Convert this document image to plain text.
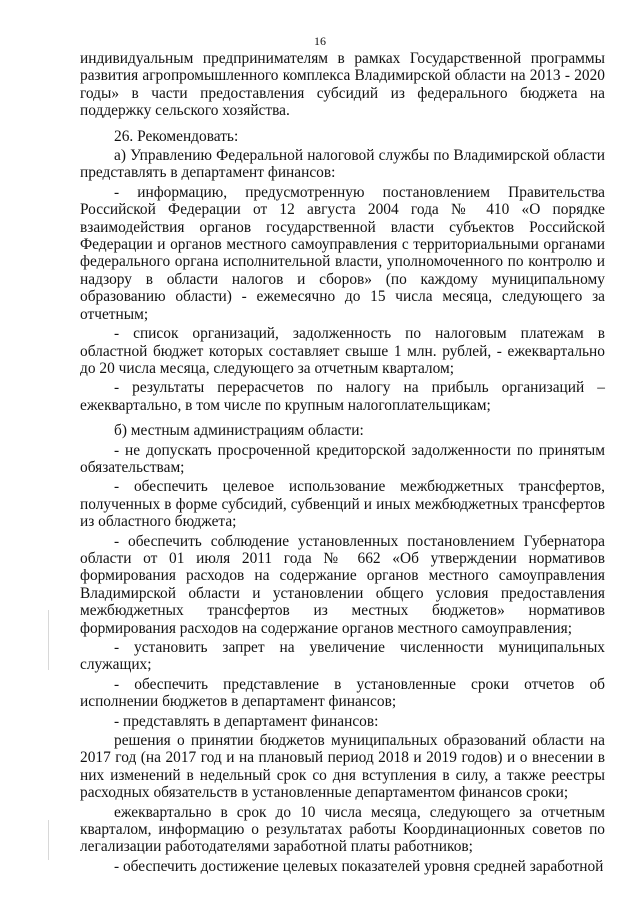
16

индивидуальным предпринимателям в рамках Государственной программы развития агропромышленного комплекса Владимирской области на 2013 - 2020 годы» в части предоставления субсидий из федерального бюджета на поддержку сельского хозяйства.

26. Рекомендовать:

а) Управлению Федеральной налоговой службы по Владимирской области представлять в департамент финансов:

- информацию, предусмотренную постановлением Правительства Российской Федерации от 12 августа 2004 года № 410 «О порядке взаимодействия органов государственной власти субъектов Российской Федерации и органов местного самоуправления с территориальными органами федерального органа исполнительной власти, уполномоченного по контролю и надзору в области налогов и сборов» (по каждому муниципальному образованию области) - ежемесячно до 15 числа месяца, следующего за отчетным;

- список организаций, задолженность по налоговым платежам в областной бюджет которых составляет свыше 1 млн. рублей, - ежеквартально до 20 числа месяца, следующего за отчетным кварталом;

- результаты перерасчетов по налогу на прибыль организаций – ежеквартально, в том числе по крупным налогоплательщикам;

б) местным администрациям области:

- не допускать просроченной кредиторской задолженности по принятым обязательствам;

- обеспечить целевое использование межбюджетных трансфертов, полученных в форме субсидий, субвенций и иных межбюджетных трансфертов из областного бюджета;

- обеспечить соблюдение установленных постановлением Губернатора области от 01 июля 2011 года № 662 «Об утверждении нормативов формирования расходов на содержание органов местного самоуправления Владимирской области и установлении общего условия предоставления межбюджетных трансфертов из местных бюджетов» нормативов формирования расходов на содержание органов местного самоуправления;

- установить запрет на увеличение численности муниципальных служащих;

- обеспечить представление в установленные сроки отчетов об исполнении бюджетов в департамент финансов;

- представлять в департамент финансов:

решения о принятии бюджетов муниципальных образований области на 2017 год (на 2017 год и на плановый период 2018 и 2019 годов) и о внесении в них изменений в недельный срок со дня вступления в силу, а также реестры расходных обязательств в установленные департаментом финансов сроки;

ежеквартально в срок до 10 числа месяца, следующего за отчетным кварталом, информацию о результатах работы Координационных советов по легализации работодателями заработной платы работников;

- обеспечить достижение целевых показателей уровня средней заработной
